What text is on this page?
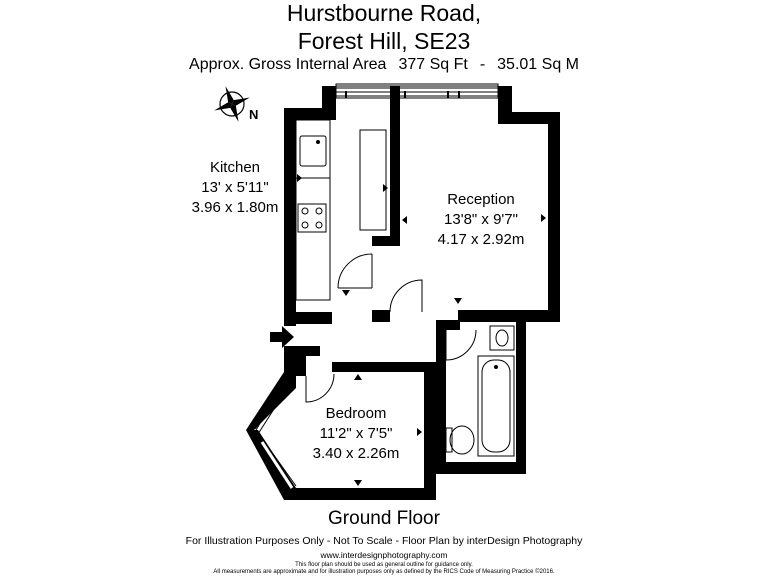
Hurstbourne Road,
Forest Hill, SE23
Approx. Gross Internal Area 377 Sq Ft - 35.01 Sq M
N
Kitchen
13' x 5'11"
3.96 x 1.80m	Reception
13'8" x 9'7"
4.17 x 2.92m
Bedroom
11'2" x 7'5"
3.40 x 2.26m
Ground Floor
For Illustration Purposes Only - Not To Scale - Floor Plan by interDesign Photography
www.interdesignphotography.com
This floor plan should be used as general outline for guidance only.
All measurements are approximate and for illustration purposes only as defined by the RICS Code of Measuring Practice ©2016.
